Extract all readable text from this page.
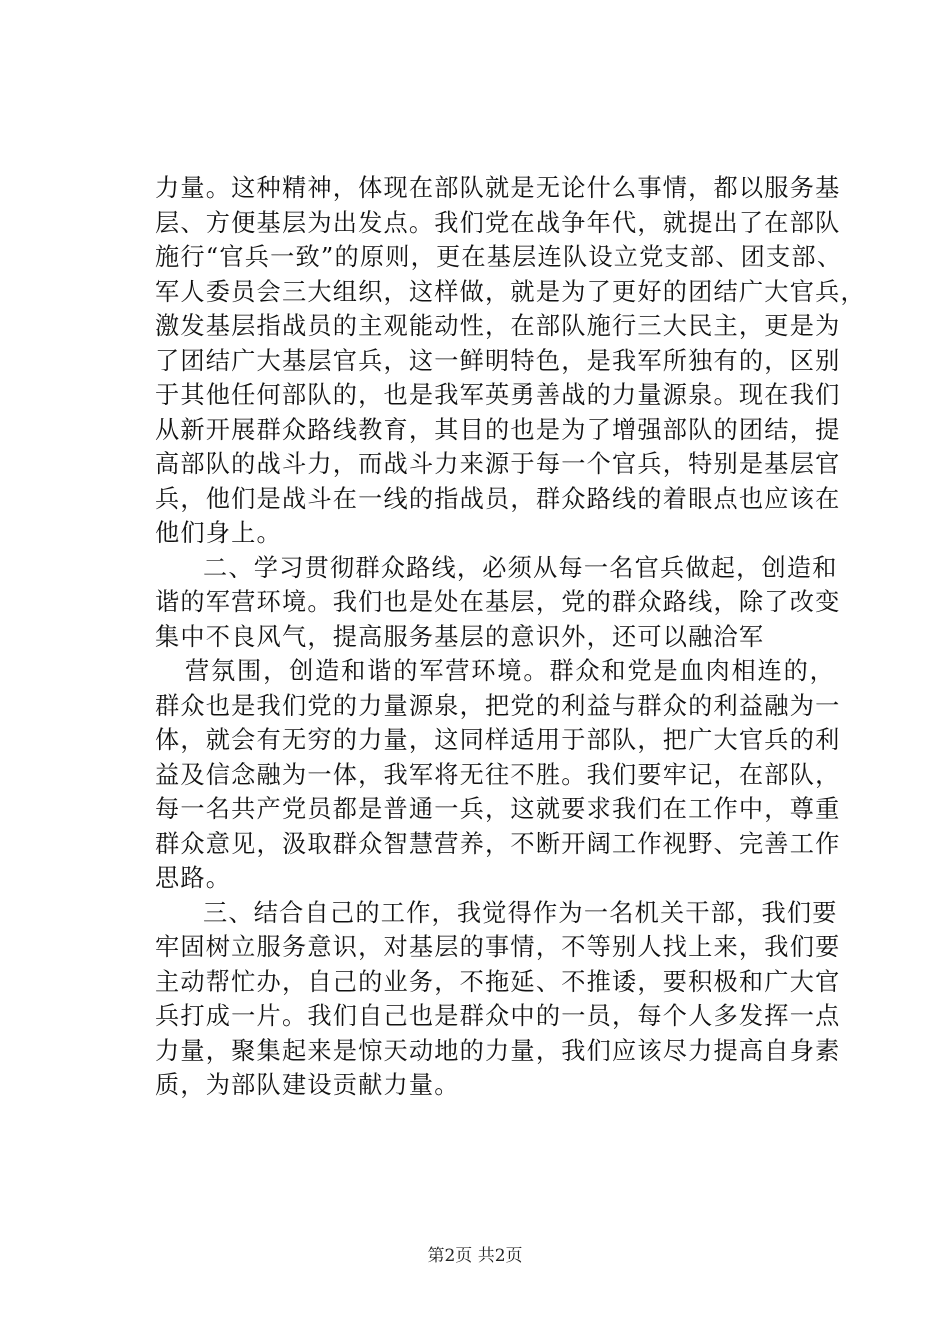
力量。这种精神，体现在部队就是无论什么事情，都以服务基
层、方便基层为出发点。我们党在战争年代，就提出了在部队
施行“官兵一致”的原则，更在基层连队设立党支部、团支部、
军人委员会三大组织，这样做，就是为了更好的团结广大官兵，
激发基层指战员的主观能动性，在部队施行三大民主，更是为
了团结广大基层官兵，这一鲜明特色，是我军所独有的，区别
于其他任何部队的，也是我军英勇善战的力量源泉。现在我们
从新开展群众路线教育，其目的也是为了增强部队的团结，提
高部队的战斗力，而战斗力来源于每一个官兵，特别是基层官
兵，他们是战斗在一线的指战员，群众路线的着眼点也应该在
他们身上。
二、学习贯彻群众路线，必须从每一名官兵做起，创造和
谐的军营环境。我们也是处在基层，党的群众路线，除了改变
集中不良风气，提高服务基层的意识外，还可以融洽军
营氛围，创造和谐的军营环境。群众和党是血肉相连的，
群众也是我们党的力量源泉，把党的利益与群众的利益融为一
体，就会有无穷的力量，这同样适用于部队，把广大官兵的利
益及信念融为一体，我军将无往不胜。我们要牢记，在部队，
每一名共产党员都是普通一兵，这就要求我们在工作中，尊重
群众意见，汲取群众智慧营养，不断开阔工作视野、完善工作
思路。
三、结合自己的工作，我觉得作为一名机关干部，我们要
牢固树立服务意识，对基层的事情，不等别人找上来，我们要
主动帮忙办，自己的业务，不拖延、不推诿，要积极和广大官
兵打成一片。我们自己也是群众中的一员，每个人多发挥一点
力量，聚集起来是惊天动地的力量，我们应该尽力提高自身素
质，为部队建设贡献力量。
第2页 共2页
